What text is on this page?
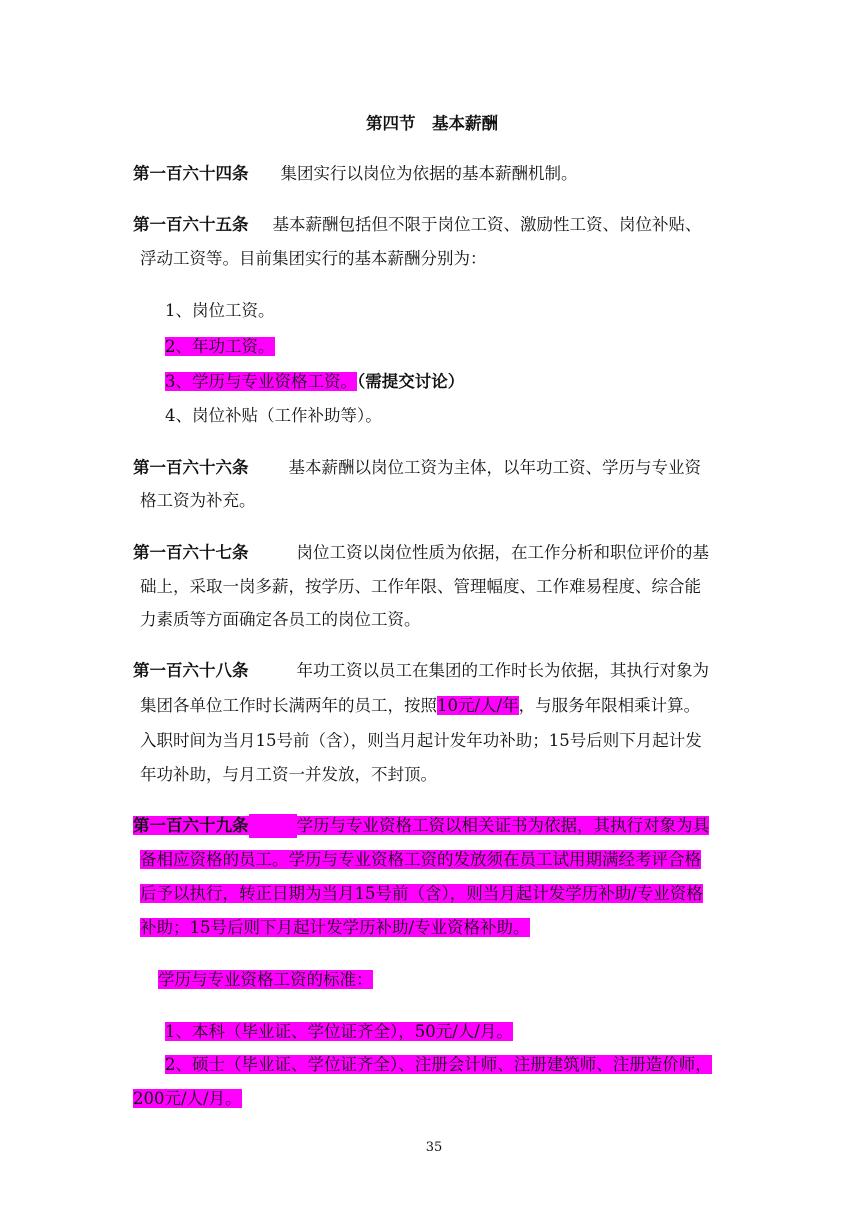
第四节　基本薪酬
第一百六十四条 集团实行以岗位为依据的基本薪酬机制。
第一百六十五条 基本薪酬包括但不限于岗位工资、激励性工资、岗位补贴、
浮动工资等。目前集团实行的基本薪酬分别为：
1、岗位工资。
2、年功工资。
3、学历与专业资格工资。（需提交讨论）
4、岗位补贴（工作补助等）。
第一百六十六条 基本薪酬以岗位工资为主体，以年功工资、学历与专业资
格工资为补充。
第一百六十七条	岗位工资以岗位性质为依据，在工作分析和职位评价的基
础上，采取一岗多薪，按学历、工作年限、管理幅度、工作难易程度、综合能
力素质等方面确定各员工的岗位工资。
第一百六十八条	年功工资以员工在集团的工作时长为依据，其执行对象为
集团各单位工作时长满两年的员工，按照10元/人/年，与服务年限相乘计算。
入职时间为当月15号前（含），则当月起计发年功补助；15号后则下月起计发
年功补助，与月工资一并发放，不封顶。
第一百六十九条	学历与专业资格工资以相关证书为依据，其执行对象为具
备相应资格的员工。学历与专业资格工资的发放须在员工试用期满经考评合格
后予以执行，转正日期为当月15号前（含），则当月起计发学历补助/专业资格
补助；15号后则下月起计发学历补助/专业资格补助。
学历与专业资格工资的标准：
1、本科（毕业证、学位证齐全），50元/人/月。
2、硕士（毕业证、学位证齐全）、注册会计师、注册建筑师、注册造价师，
200元/人/月。
35
